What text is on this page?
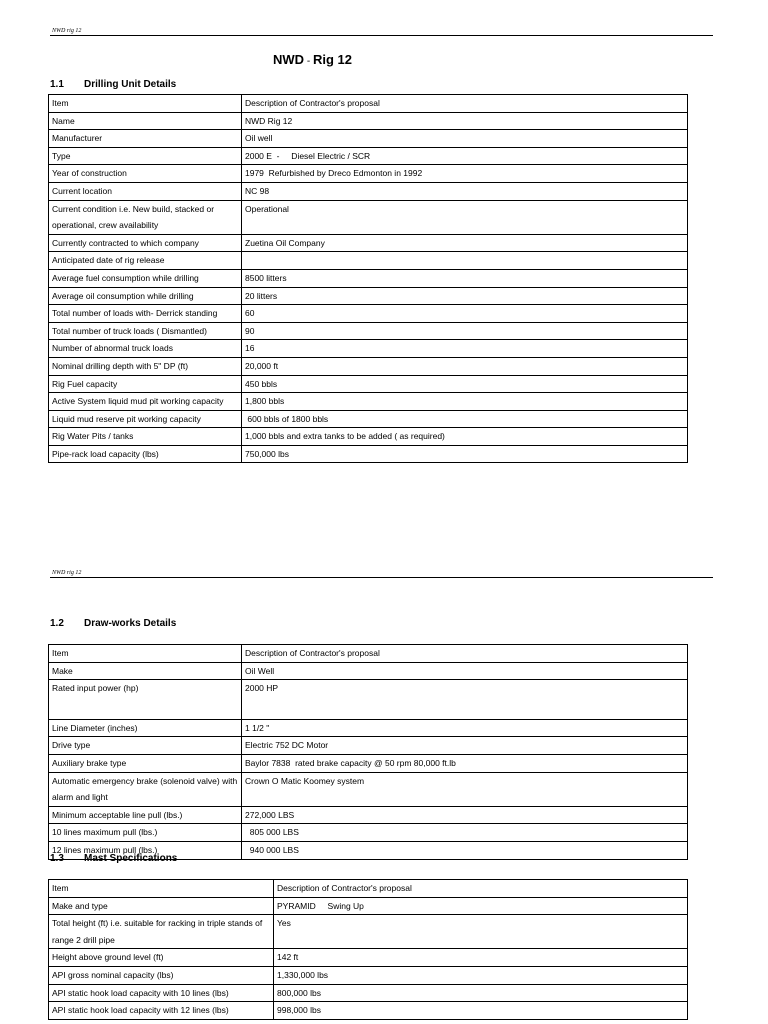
NWD rig 12
NWD - Rig 12
1.1 Drilling Unit Details
Item	Description of Contractor's proposal
Name	NWD Rig 12
Manufacturer	Oil well
Type	2000 E  -     Diesel Electric / SCR
Year of construction	1979  Refurbished by Dreco Edmonton in 1992
Current location	NC 98
Current condition i.e. New build, stacked or operational, crew availability	Operational
Currently contracted to which company	Zuetina Oil Company
Anticipated date of rig release	
Average fuel consumption while drilling	8500 litters
Average oil consumption while drilling	20 litters
Total number of loads with- Derrick standing	60
Total number of truck loads ( Dismantled)	90
Number of abnormal truck loads	16
Nominal drilling depth with 5" DP (ft)	20,000 ft
Rig Fuel capacity	450 bbls
Active System liquid mud pit working capacity	1,800 bbls
Liquid mud reserve pit working capacity	600 bbls of 1800 bbls
Rig Water Pits / tanks	1,000 bbls and extra tanks to be added ( as required)
Pipe-rack load capacity (lbs)	750,000 lbs
NWD rig 12
1.2 Draw-works Details
Item	Description of Contractor's proposal
Make	Oil Well
Rated input power (hp)	2000 HP
Line Diameter (inches)	1 1/2 "
Drive type	Electric 752 DC Motor
Auxiliary brake type	Baylor 7838  rated brake capacity @ 50 rpm 80,000 ft.lb
Automatic emergency brake (solenoid valve) with alarm and light	Crown O Matic Koomey system
Minimum acceptable line pull (lbs.)	272,000 LBS
10 lines maximum pull (lbs.)	805 000 LBS
12 lines maximum pull (lbs.)	940 000 LBS
1.3 Mast Specifications
Item	Description of Contractor's proposal
Make and type	PYRAMID     Swing Up
Total height (ft) i.e. suitable for racking in triple stands of range 2 drill pipe	Yes
Height above ground level (ft)	142 ft
API gross nominal capacity (lbs)	1,330,000 lbs
API static hook load capacity with 10 lines (lbs)	800,000 lbs
API static hook load capacity with 12 lines (lbs)	998,000 lbs
